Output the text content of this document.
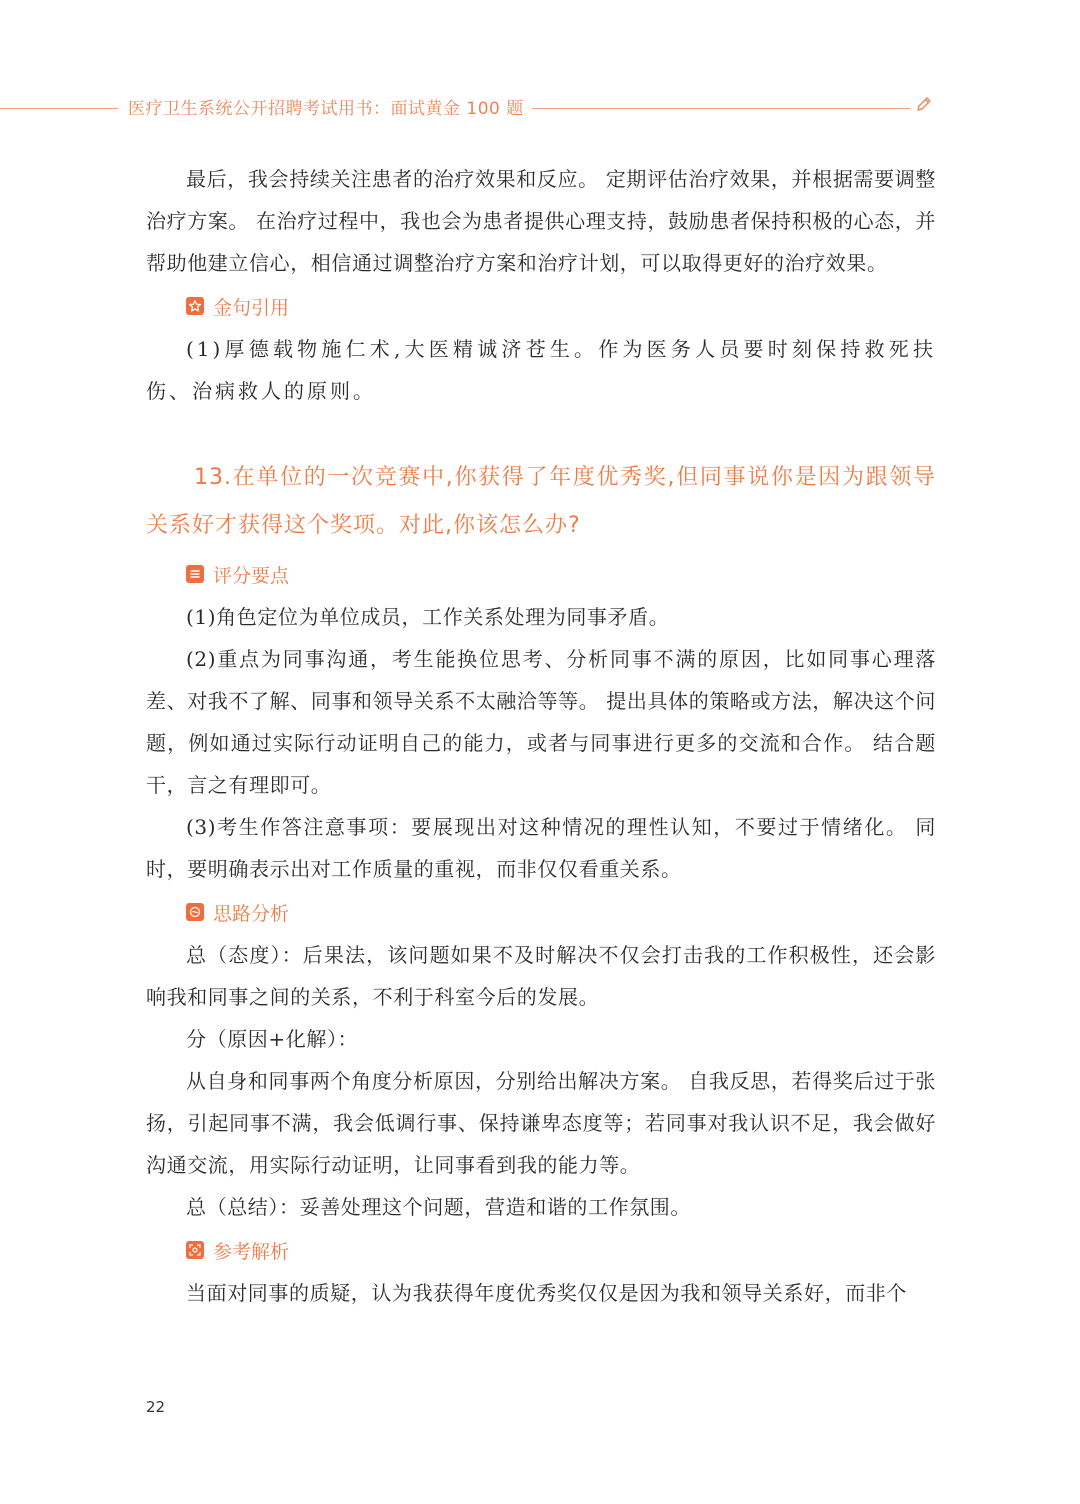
医疗卫生系统公开招聘考试用书：面试黄金 100 题

最后，我会持续关注患者的治疗效果和反应。 定期评估治疗效果，并根据需要调整治疗方案。 在治疗过程中，我也会为患者提供心理支持，鼓励患者保持积极的心态，并帮助他建立信心，相信通过调整治疗方案和治疗计划，可以取得更好的治疗效果。

金句引用

(1)厚德载物施仁术,大医精诚济苍生。作为医务人员要时刻保持救死扶伤、治病救人的原则。

13.在单位的一次竞赛中,你获得了年度优秀奖,但同事说你是因为跟领导关系好才获得这个奖项。对此,你该怎么办?
评分要点

(1)角色定位为单位成员，工作关系处理为同事矛盾。

(2)重点为同事沟通，考生能换位思考、分析同事不满的原因，比如同事心理落差、对我不了解、同事和领导关系不太融洽等等。 提出具体的策略或方法，解决这个问题，例如通过实际行动证明自己的能力，或者与同事进行更多的交流和合作。 结合题干，言之有理即可。

(3)考生作答注意事项：要展现出对这种情况的理性认知，不要过于情绪化。 同时，要明确表示出对工作质量的重视，而非仅仅看重关系。

思路分析

总（态度）：后果法，该问题如果不及时解决不仅会打击我的工作积极性，还会影响我和同事之间的关系，不利于科室今后的发展。

分（原因+化解）：

从自身和同事两个角度分析原因，分别给出解决方案。 自我反思，若得奖后过于张扬，引起同事不满，我会低调行事、保持谦卑态度等；若同事对我认识不足，我会做好沟通交流，用实际行动证明，让同事看到我的能力等。

总（总结）：妥善处理这个问题，营造和谐的工作氛围。

参考解析

当面对同事的质疑，认为我获得年度优秀奖仅仅是因为我和领导关系好，而非个

22
